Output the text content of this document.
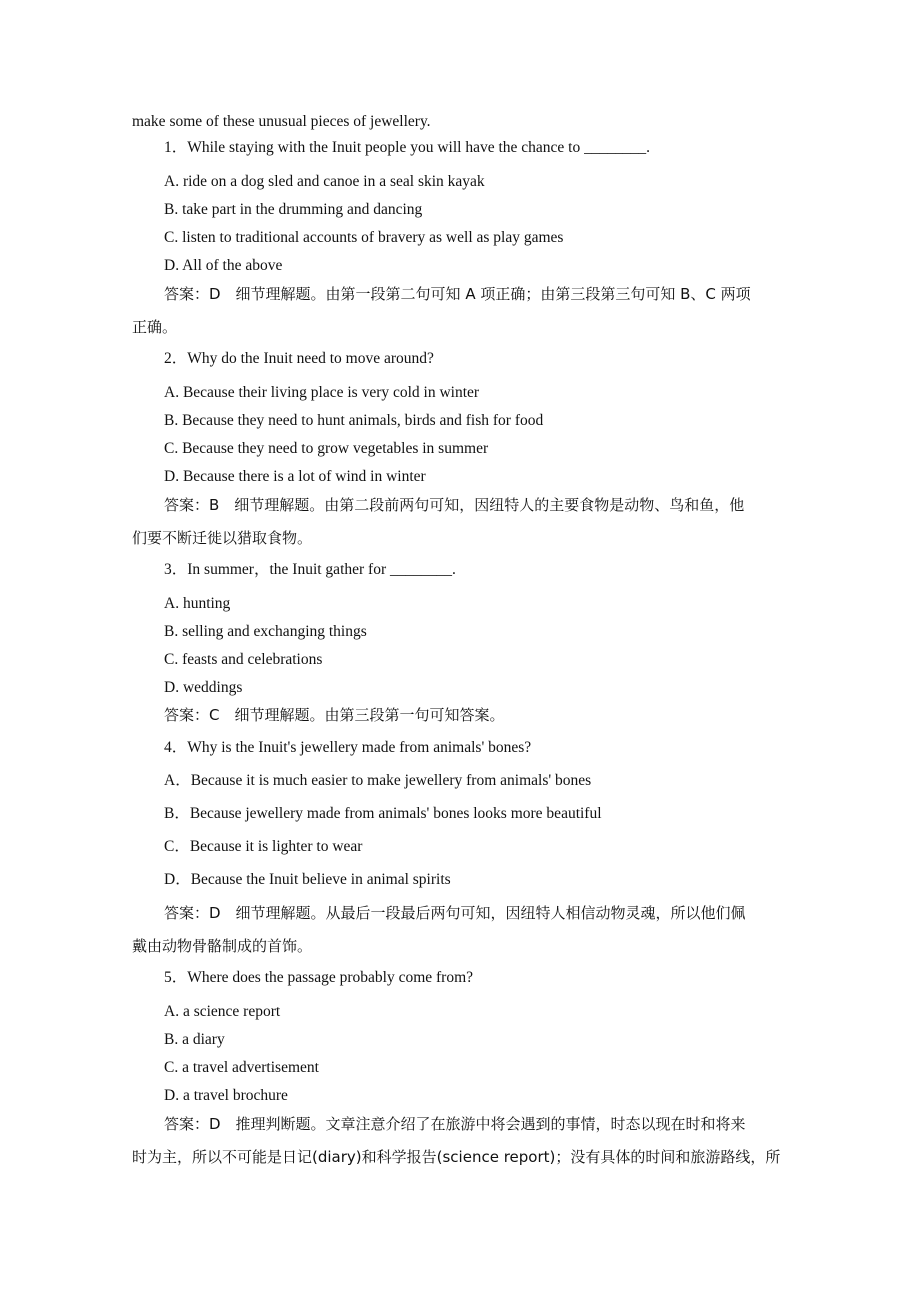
make some of these unusual pieces of jewellery.
1．While staying with the Inuit people you will have the chance to ________.
A. ride on a dog sled and canoe in a seal skin kayak
B. take part in the drumming and dancing
C. listen to traditional accounts of bravery as well as play games
D. All of the above
答案：D　细节理解题。由第一段第二句可知 A 项正确；由第三段第三句可知 B、C 两项
正确。
2．Why do the Inuit need to move around?
A. Because their living place is very cold in winter
B. Because they need to hunt animals, birds and fish for food
C. Because they need to grow vegetables in summer
D. Because there is a lot of wind in winter
答案：B　细节理解题。由第二段前两句可知，因纽特人的主要食物是动物、鸟和鱼，他
们要不断迁徙以猎取食物。
3．In summer，the Inuit gather for ________.
A. hunting
B. selling and exchanging things
C. feasts and celebrations
D. weddings
答案：C　细节理解题。由第三段第一句可知答案。
4．Why is the Inuit's jewellery made from animals' bones?
A．Because it is much easier to make jewellery from animals' bones
B．Because jewellery made from animals' bones looks more beautiful
C．Because it is lighter to wear
D．Because the Inuit believe in animal spirits
答案：D　细节理解题。从最后一段最后两句可知，因纽特人相信动物灵魂，所以他们佩
戴由动物骨骼制成的首饰。
5．Where does the passage probably come from?
A. a science report
B. a diary
C. a travel advertisement
D. a travel brochure
答案：D　推理判断题。文章注意介绍了在旅游中将会遇到的事情，时态以现在时和将来
时为主，所以不可能是日记(diary)和科学报告(science report)；没有具体的时间和旅游路线，所
